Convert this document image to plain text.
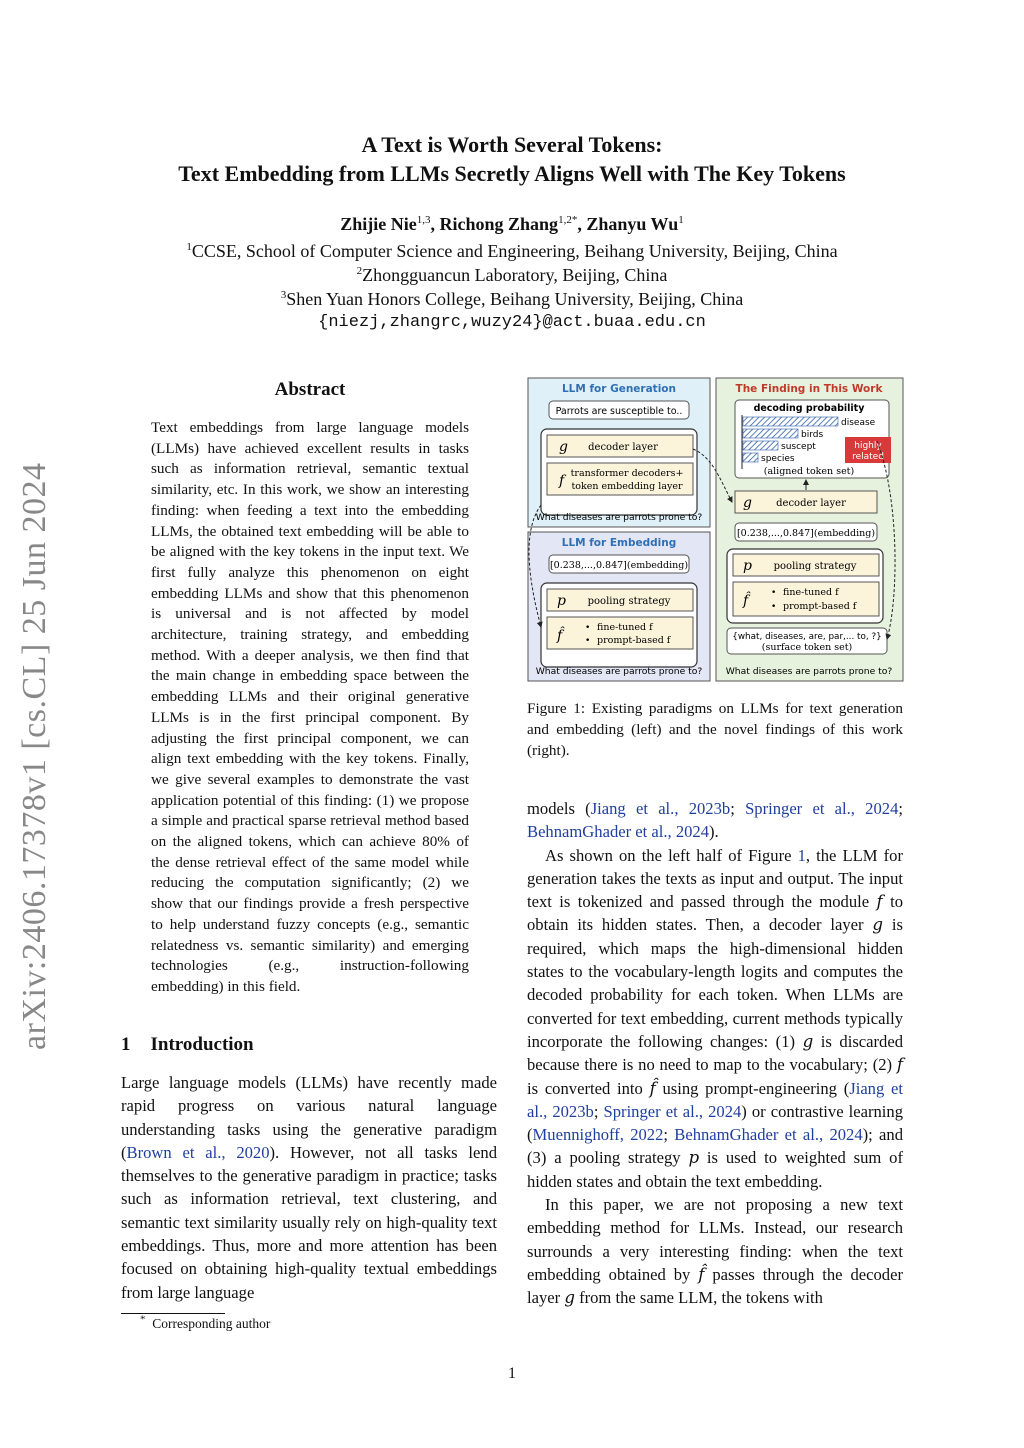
arXiv:2406.17378v1 [cs.CL] 25 Jun 2024
A Text is Worth Several Tokens:
Text Embedding from LLMs Secretly Aligns Well with The Key Tokens
Zhijie Nie$^{1,3}$, Richong Zhang$^{1,2*}$, Zhanyu Wu$^1$
$^1$CCSE, School of Computer Science and Engineering, Beihang University, Beijing, China
$^2$Zhongguancun Laboratory, Beijing, China
$^3$Shen Yuan Honors College, Beihang University, Beijing, China
{niezj,zhangrc,wuzy24}@act.buaa.edu.cn
Abstract
Text embeddings from large language models (LLMs) have achieved excellent results in tasks such as information retrieval, semantic textual similarity, etc. In this work, we show an interesting finding: when feeding a text into the embedding LLMs, the obtained text embedding will be able to be aligned with the key tokens in the input text. We first fully analyze this phenomenon on eight embedding LLMs and show that this phenomenon is universal and is not affected by model architecture, training strategy, and embedding method. With a deeper analysis, we then find that the main change in embedding space between the embedding LLMs and their original generative LLMs is in the first principal component. By adjusting the first principal component, we can align text embedding with the key tokens. Finally, we give several examples to demonstrate the vast application potential of this finding: (1) we propose a simple and practical sparse retrieval method based on the aligned tokens, which can achieve 80% of the dense retrieval effect of the same model while reducing the computation significantly; (2) we show that our findings provide a fresh perspective to help understand fuzzy concepts (e.g., semantic relatedness vs. semantic similarity) and emerging technologies (e.g., instruction-following embedding) in this field.
1 Introduction

Large language models (LLMs) have recently made rapid progress on various natural language understanding tasks using the generative paradigm (Brown et al., 2020). However, not all tasks lend themselves to the generative paradigm in practice; tasks such as information retrieval, text clustering, and semantic text similarity usually rely on high-quality text embeddings. Thus, more and more attention has been focused on obtaining high-quality textual embeddings from large language

* Corresponding author
LLM for Generation
Parrots are susceptible to..
g decoder layer
f transformer decoders+
token embedding layer
What diseases are parrots prone to?
LLM for Embedding
[0.238,...,0.847](embedding)
p pooling strategy
f̂	• fine-tuned f
• prompt-based f
What diseases are parrots prone to?
The Finding in This Work
decoding probability
disease
birds
suscept
species
highly
related
(aligned token set)
g decoder layer
[0.238,...,0.847](embedding)
p pooling strategy
f̂	• fine-tuned f
• prompt-based f
{what, diseases, are, par,... to, ?}
(surface token set)
What diseases are parrots prone to?
Figure 1: Existing paradigms on LLMs for text generation and embedding (left) and the novel findings of this work (right).

models (Jiang et al., 2023b; Springer et al., 2024; BehnamGhader et al., 2024).

As shown on the left half of Figure 1, the LLM for generation takes the texts as input and output. The input text is tokenized and passed through the module f to obtain its hidden states. Then, a decoder layer g is required, which maps the high-dimensional hidden states to the vocabulary-length logits and computes the decoded probability for each token. When LLMs are converted for text embedding, current methods typically incorporate the following changes: (1) g is discarded because there is no need to map to the vocabulary; (2) f is converted into f̂ using prompt-engineering (Jiang et al., 2023b; Springer et al., 2024) or contrastive learning (Muennighoff, 2022; BehnamGhader et al., 2024); and (3) a pooling strategy p is used to weighted sum of hidden states and obtain the text embedding.

In this paper, we are not proposing a new text embedding method for LLMs. Instead, our research surrounds a very interesting finding: when the text embedding obtained by f̂ passes through the decoder layer g from the same LLM, the tokens with

1
